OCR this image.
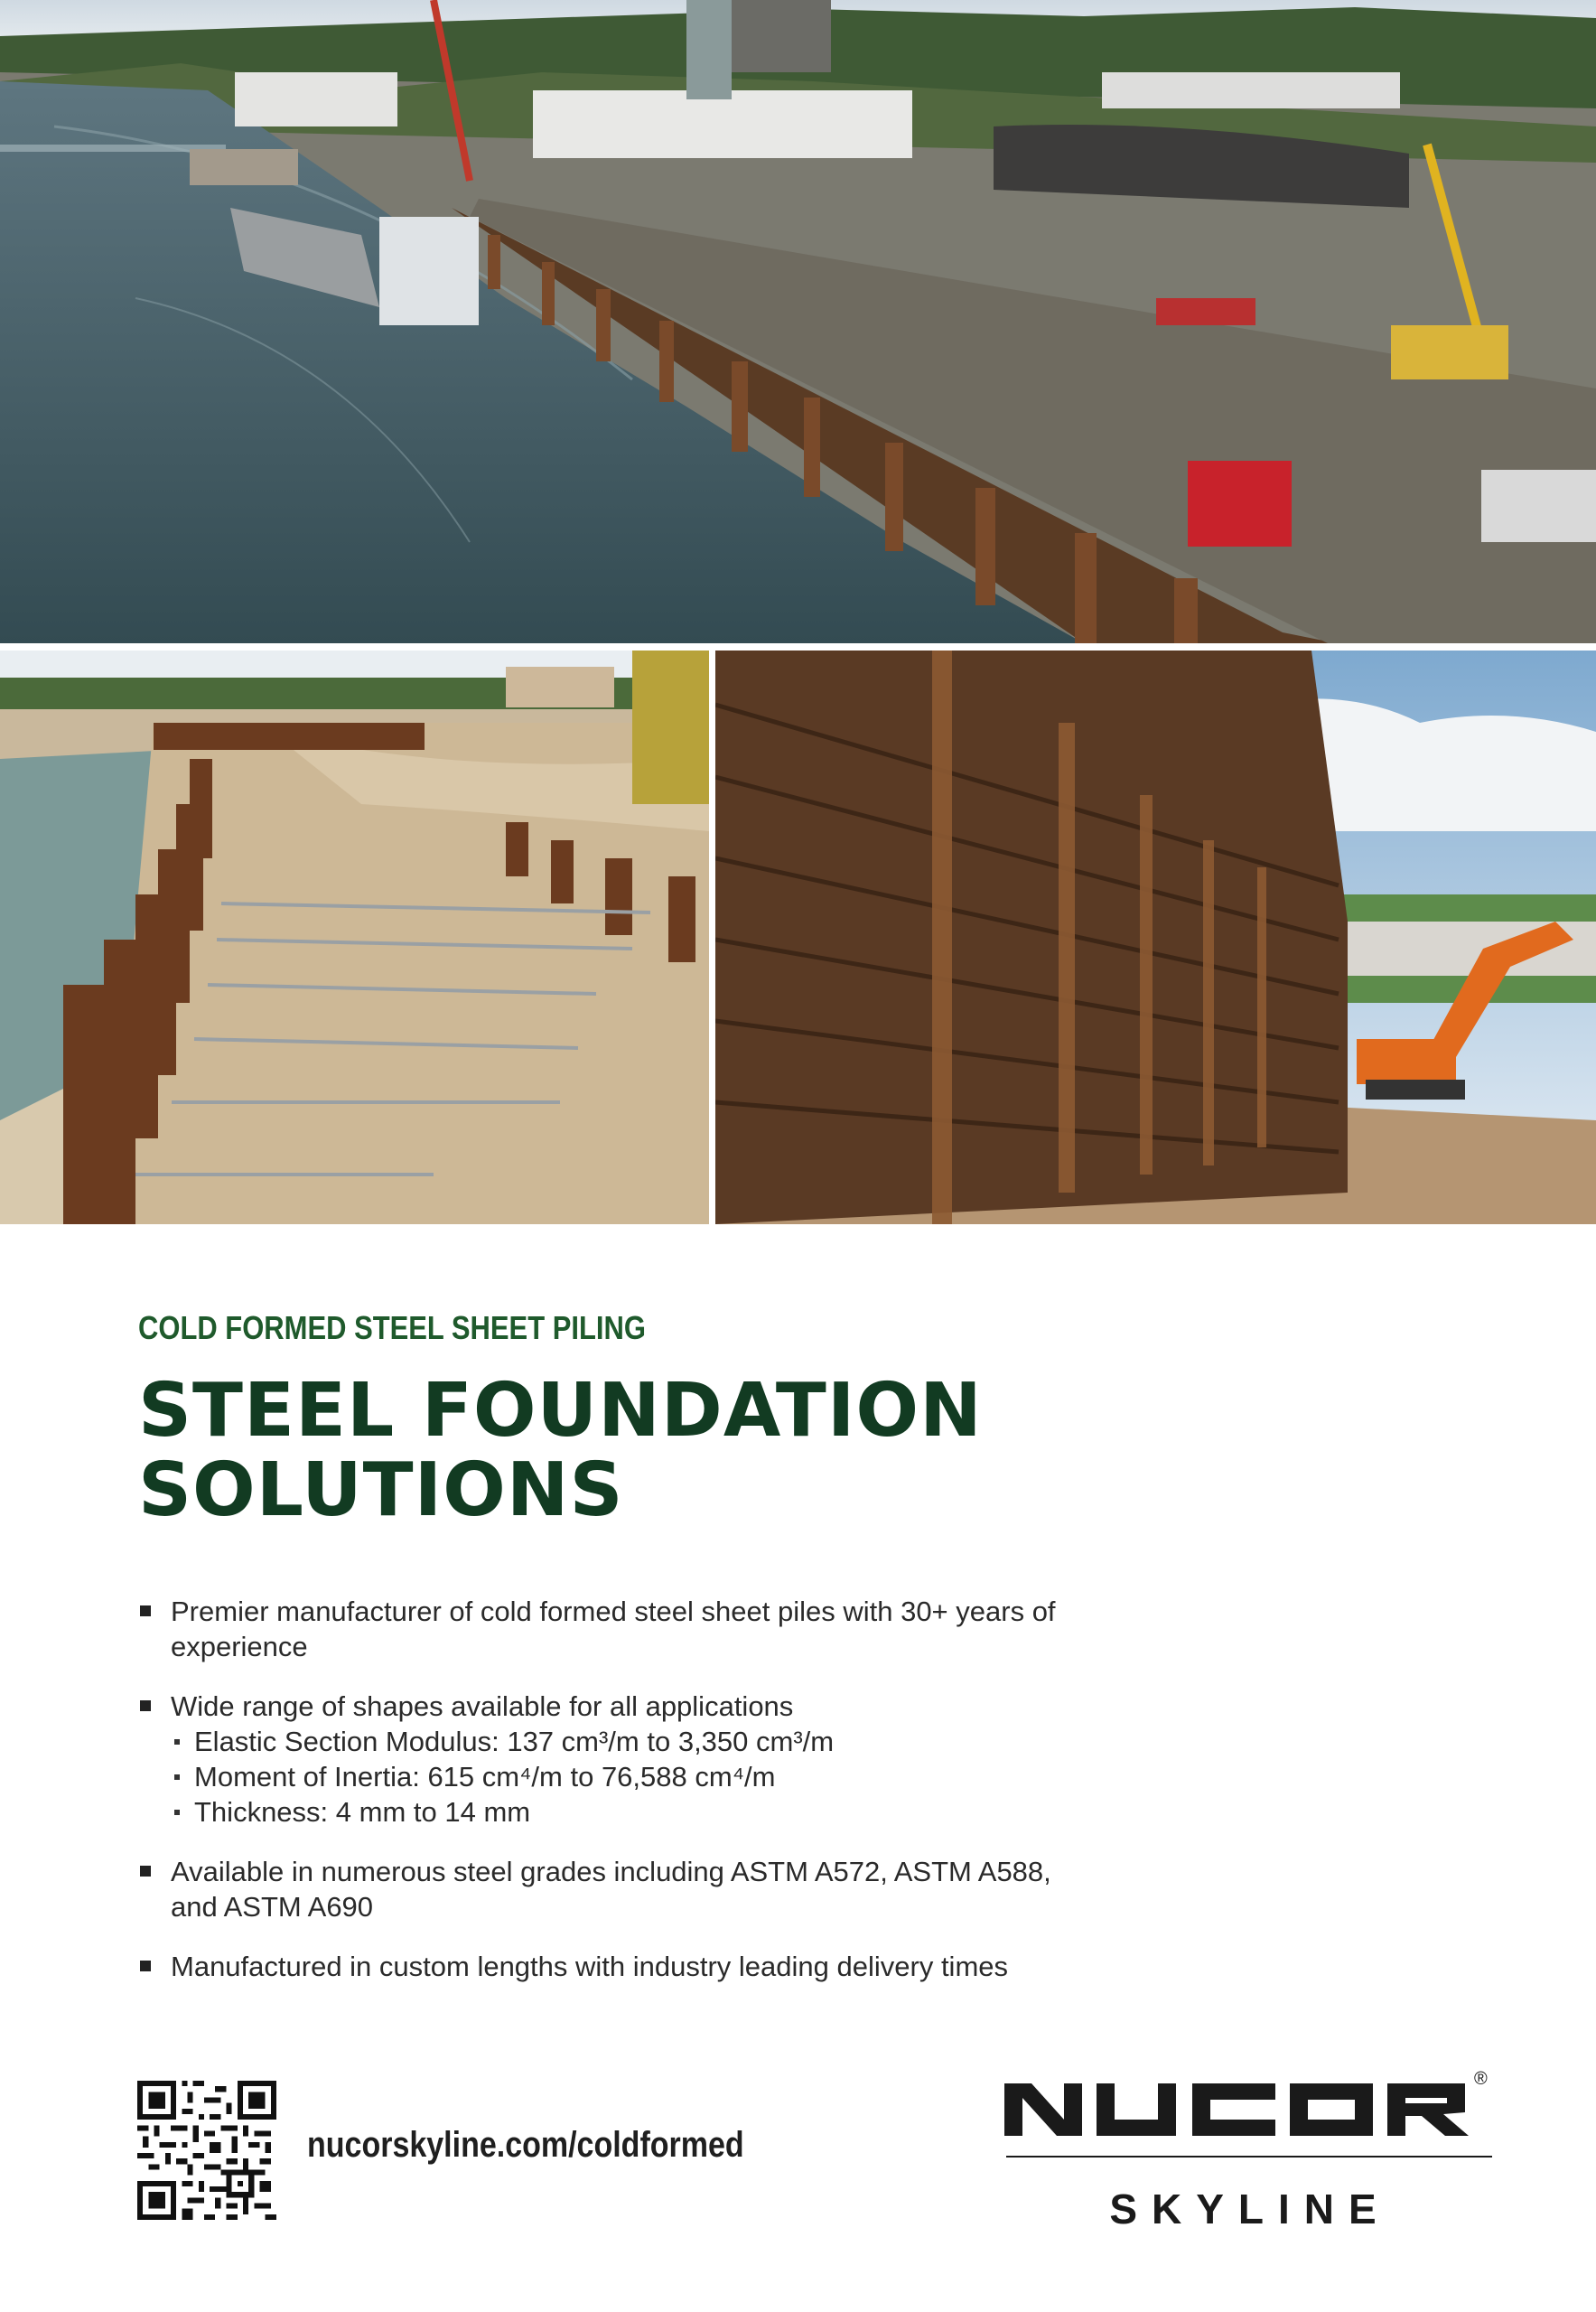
COLD FORMED STEEL SHEET PILING

STEEL FOUNDATION
SOLUTIONS
Premier manufacturer of cold formed steel sheet piles with 30+ years of experience
Wide range of shapes available for all applications
Elastic Section Modulus: 137 cm³/m to 3,350 cm³/m
Moment of Inertia: 615 cm⁴/m to 76,588 cm⁴/m
Thickness: 4 mm to 14 mm
Available in numerous steel grades including ASTM A572, ASTM A588, and ASTM A690
Manufactured in custom lengths with industry leading delivery times
nucorskyline.com/coldformed
®
SKYLINE
